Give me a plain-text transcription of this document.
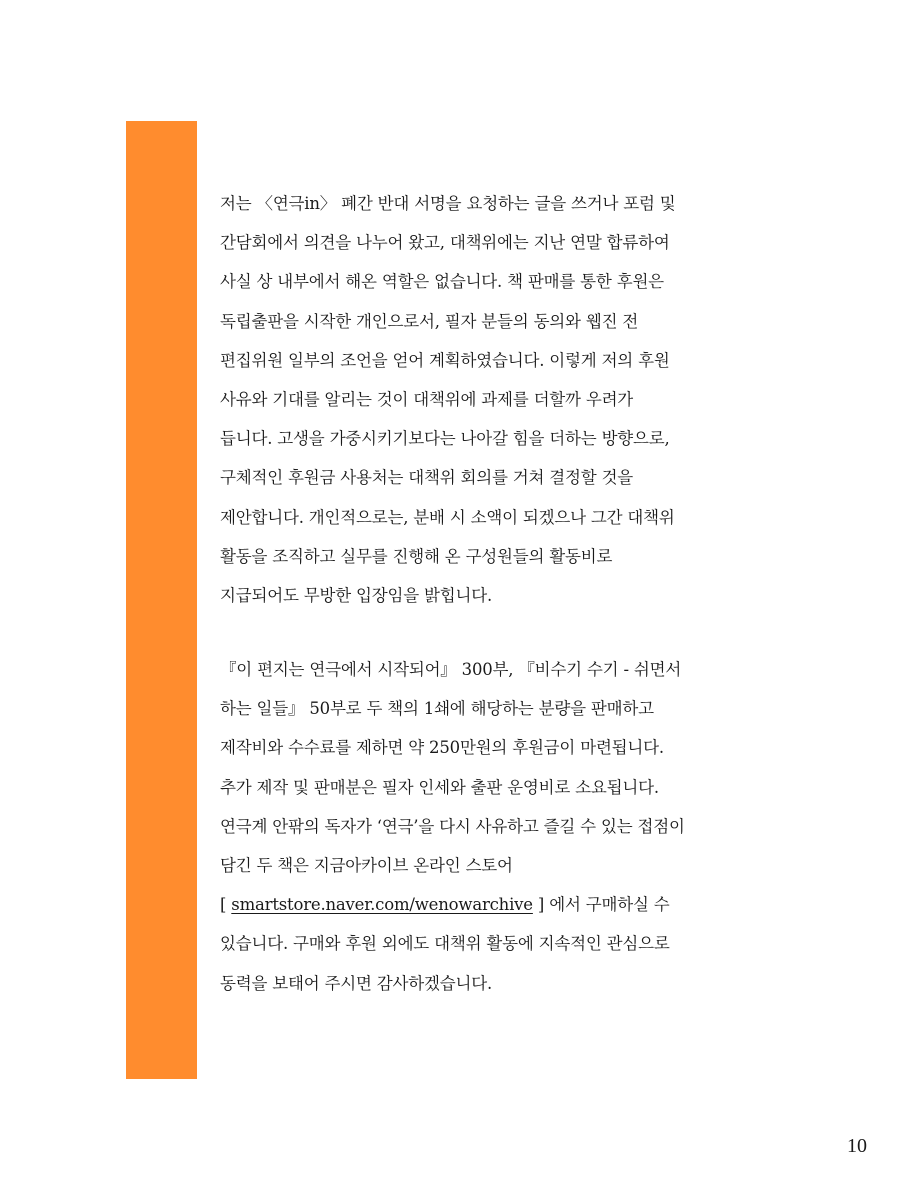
저는 〈연극in〉 폐간 반대 서명을 요청하는 글을 쓰거나 포럼 및
간담회에서 의견을 나누어 왔고, 대책위에는 지난 연말 합류하여
사실 상 내부에서 해온 역할은 없습니다. 책 판매를 통한 후원은
독립출판을 시작한 개인으로서, 필자 분들의 동의와 웹진 전
편집위원 일부의 조언을 얻어 계획하였습니다. 이렇게 저의 후원
사유와 기대를 알리는 것이 대책위에 과제를 더할까 우려가
듭니다. 고생을 가중시키기보다는 나아갈 힘을 더하는 방향으로,
구체적인 후원금 사용처는 대책위 회의를 거쳐 결정할 것을
제안합니다. 개인적으로는, 분배 시 소액이 되겠으나 그간 대책위
활동을 조직하고 실무를 진행해 온 구성원들의 활동비로
지급되어도 무방한 입장임을 밝힙니다.
『이 편지는 연극에서 시작되어』 300부, 『비수기 수기 - 쉬면서
하는 일들』 50부로 두 책의 1쇄에 해당하는 분량을 판매하고
제작비와 수수료를 제하면 약 250만원의 후원금이 마련됩니다.
추가 제작 및 판매분은 필자 인세와 출판 운영비로 소요됩니다.
연극계 안팎의 독자가 ‘연극’을 다시 사유하고 즐길 수 있는 접점이
담긴 두 책은 지금아카이브 온라인 스토어
[ smartstore.naver.com/wenowarchive ] 에서 구매하실 수
있습니다. 구매와 후원 외에도 대책위 활동에 지속적인 관심으로
동력을 보태어 주시면 감사하겠습니다.
10
